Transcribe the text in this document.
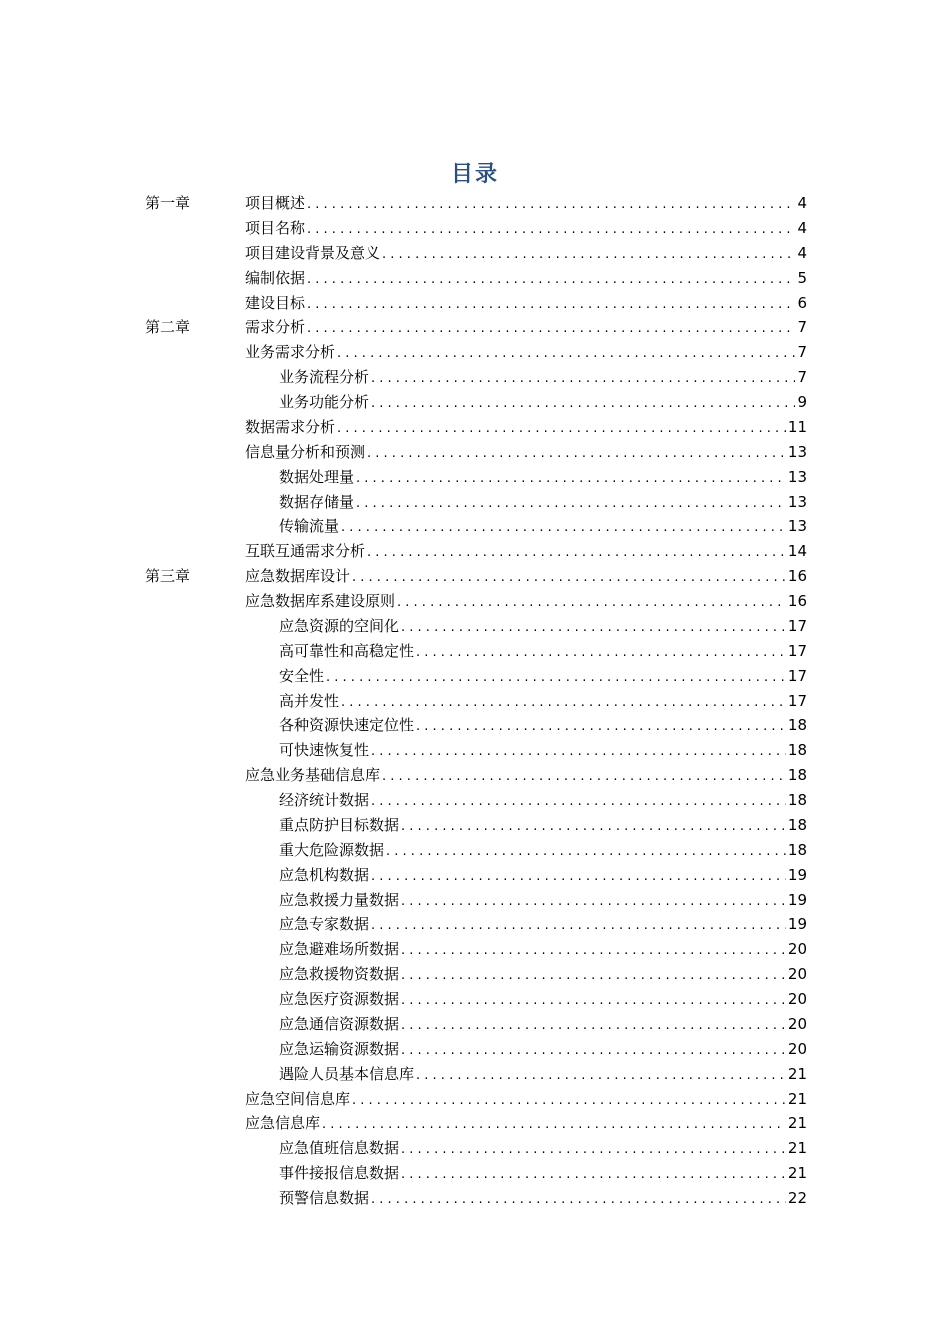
目录
第一章	项目概述 . . .	4
项目名称 . . .	4
项目建设背景及意义 . . .	4
编制依据 . . .	5
建设目标 . . .	6
第二章	需求分析 . . .	7
业务需求分析 . . .	7
业务流程分析 . . .	7
业务功能分析 . . .	9
数据需求分析 . . .	11
信息量分析和预测 . . .	13
数据处理量 . . .	13
数据存储量 . . .	13
传输流量 . . .	13
互联互通需求分析 . . .	14
第三章	应急数据库设计 . . .	16
应急数据库系建设原则 . . .	16
应急资源的空间化 . . .	17
高可靠性和高稳定性 . . .	17
安全性 . . .	17
高并发性 . . .	17
各种资源快速定位性 . . .	18
可快速恢复性 . . .	18
应急业务基础信息库 . . .	18
经济统计数据 . . .	18
重点防护目标数据 . . .	18
重大危险源数据 . . .	18
应急机构数据 . . .	19
应急救援力量数据 . . .	19
应急专家数据 . . .	19
应急避难场所数据 . . .	20
应急救援物资数据 . . .	20
应急医疗资源数据 . . .	20
应急通信资源数据 . . .	20
应急运输资源数据 . . .	20
遇险人员基本信息库 . . .	21
应急空间信息库 . . .	21
应急信息库 . . .	21
应急值班信息数据 . . .	21
事件接报信息数据 . . .	21
预警信息数据 . . .	22
